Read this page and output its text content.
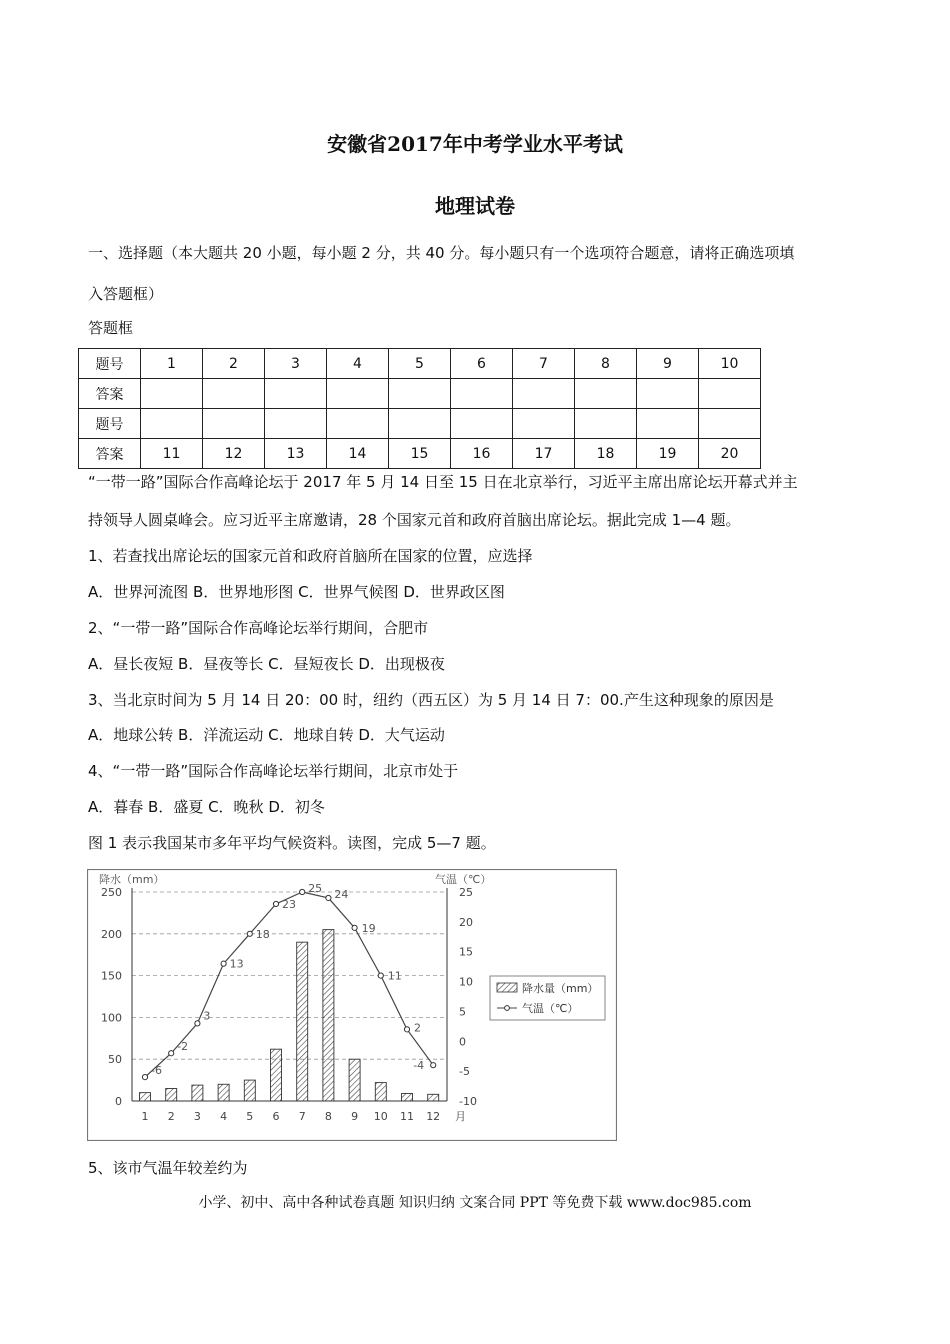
安徽省2017年中考学业水平考试
地理试卷
一、选择题（本大题共 20 小题，每小题 2 分，共 40 分。每小题只有一个选项符合题意，请将正确选项填
入答题框）
答题框
题号	1	2	3	4	5	6	7	8	9	10
答案										
题号										
答案	11	12	13	14	15	16	17	18	19	20
“一带一路”国际合作高峰论坛于 2017 年 5 月 14 日至 15 日在北京举行，习近平主席出席论坛开幕式并主
持领导人圆桌峰会。应习近平主席邀请，28 个国家元首和政府首脑出席论坛。据此完成 1—4 题。
1、若查找出席论坛的国家元首和政府首脑所在国家的位置，应选择
A．世界河流图 B．世界地形图 C．世界气候图 D．世界政区图
2、“一带一路”国际合作高峰论坛举行期间，合肥市
A．昼长夜短 B．昼夜等长 C．昼短夜长 D．出现极夜
3、当北京时间为 5 月 14 日 20：00 时，纽约（西五区）为 5 月 14 日 7：00.产生这种现象的原因是
A．地球公转 B．洋流运动 C．地球自转 D．大气运动
4、“一带一路”国际合作高峰论坛举行期间，北京市处于
A．暮春 B．盛夏 C．晚秋 D．初冬
图 1 表示我国某市多年平均气候资料。读图，完成 5—7 题。
降水（mm）	气温（℃）
0
50
100
150
200
250
-10
-5
0
5
10
15
20
25
1 2 3 4 5 6 7 8 9 10 11 12 月
-6
-2
3
13
18
23
25 24
19
11
2
-4
降水量（mm）
气温（℃）
5、该市气温年较差约为
小学、初中、高中各种试卷真题 知识归纳 文案合同 PPT 等免费下载 www.doc985.com
